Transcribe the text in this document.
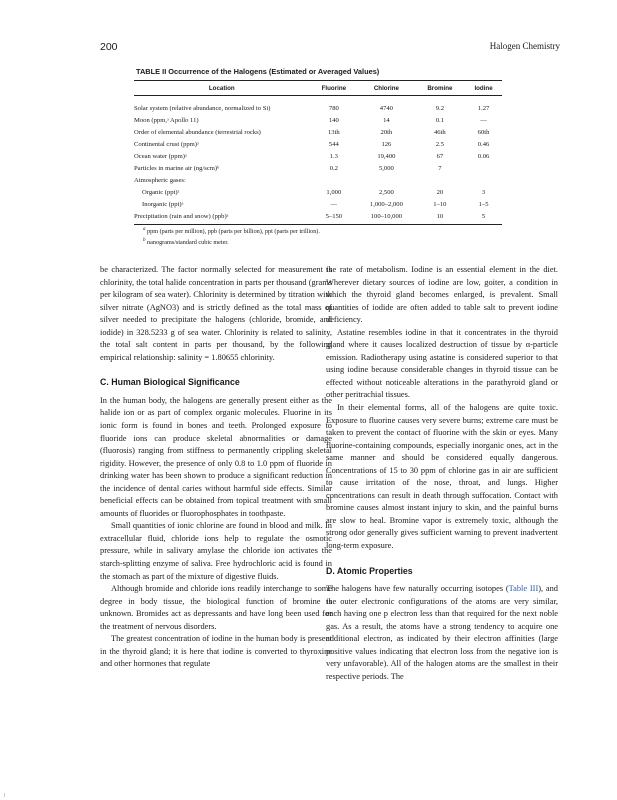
200	Halogen Chemistry
TABLE II Occurrence of the Halogens (Estimated or Averaged Values)
Location	Fluorine	Chlorine	Bromine	Iodine

Solar system (relative abundance, normalized to Si)	780	4740	9.2	1.27
Moon (ppm,ᵃ Apollo 11)	140	14	0.1	—
Order of elemental abundance (terrestrial rocks)	13th	20th	46th	60th
Continental crust (ppm)ᵃ	544	126	2.5	0.46
Ocean water (ppm)ᵃ	1.3	19,400	67	0.06
Particles in marine air (ng/scm)ᵇ	0.2	5,000	7	
Atmospheric gases:				
Organic (ppt)ᵃ	1,000	2,500	20	3
Inorganic (ppt)ᵃ	—	1,000–2,000	1–10	1–5
Precipitation (rain and snow) (ppb)ᵃ	5–150	100–10,000	10	5
$^a$ ppm (parts per million), ppb (parts per billion), ppt (parts per trillion).
$^b$ nanograms/standard cubic meter.

be characterized. The factor normally selected for measurement is chlorinity, the total halide concentration in parts per thousand (grams per kilogram of sea water). Chlorinity is determined by titration with silver nitrate (AgNO3) and is strictly defined as the total mass of silver needed to precipitate the halogens (chloride, bromide, and iodide) in 328.5233 g of sea water. Chlorinity is related to salinity, the total salt content in parts per thousand, by the following empirical relationship: salinity = 1.80655 chlorinity.

C. Human Biological Significance

In the human body, the halogens are generally present either as the halide ion or as part of complex organic molecules. Fluorine in its ionic form is found in bones and teeth. Prolonged exposure to fluoride ions can produce skeletal abnormalities or damage (fluorosis) ranging from stiffness to permanently crippling skeletal rigidity. However, the presence of only 0.8 to 1.0 ppm of fluoride in drinking water has been shown to produce a significant reduction in the incidence of dental caries without harmful side effects. Similar beneficial effects can be obtained from topical treatment with small amounts of fluorides or fluorophosphates in toothpaste.

Small quantities of ionic chlorine are found in blood and milk. In extracellular fluid, chloride ions help to regulate the osmotic pressure, while in salivary amylase the chloride ion activates the starch-splitting enzyme of saliva. Free hydrochloric acid is found in the stomach as part of the mixture of digestive fluids.

Although bromide and chloride ions readily interchange to some degree in body tissue, the biological function of bromine is unknown. Bromides act as depressants and have long been used for the treatment of nervous disorders.

The greatest concentration of iodine in the human body is present in the thyroid gland; it is here that iodine is converted to thyroxine and other hormones that regulate

the rate of metabolism. Iodine is an essential element in the diet. Wherever dietary sources of iodine are low, goiter, a condition in which the thyroid gland becomes enlarged, is prevalent. Small quantities of iodide are often added to table salt to prevent iodine deficiency.

Astatine resembles iodine in that it concentrates in the thyroid gland where it causes localized destruction of tissue by α-particle emission. Radiotherapy using astatine is considered superior to that using iodine because considerable changes in thyroid tissue can be effected without noticeable alterations in the parathyroid gland or other peritrachial tissues.

In their elemental forms, all of the halogens are quite toxic. Exposure to fluorine causes very severe burns; extreme care must be taken to prevent the contact of fluorine with the skin or eyes. Many fluorine-containing compounds, especially inorganic ones, act in the same manner and should be considered equally dangerous. Concentrations of 15 to 30 ppm of chlorine gas in air are sufficient to cause irritation of the nose, throat, and lungs. Higher concentrations can result in death through suffocation. Contact with bromine causes almost instant injury to skin, and the painful burns are slow to heal. Bromine vapor is extremely toxic, although the strong odor generally gives sufficient warning to prevent inadvertent long-term exposure.

D. Atomic Properties

The halogens have few naturally occurring isotopes (Table III), and the outer electronic configurations of the atoms are very similar, each having one p electron less than that required for the next noble gas. As a result, the atoms have a strong tendency to acquire one additional electron, as indicated by their electron affinities (large positive values indicating that electron loss from the negative ion is very unfavorable). All of the halogen atoms are the smallest in their respective periods. The
